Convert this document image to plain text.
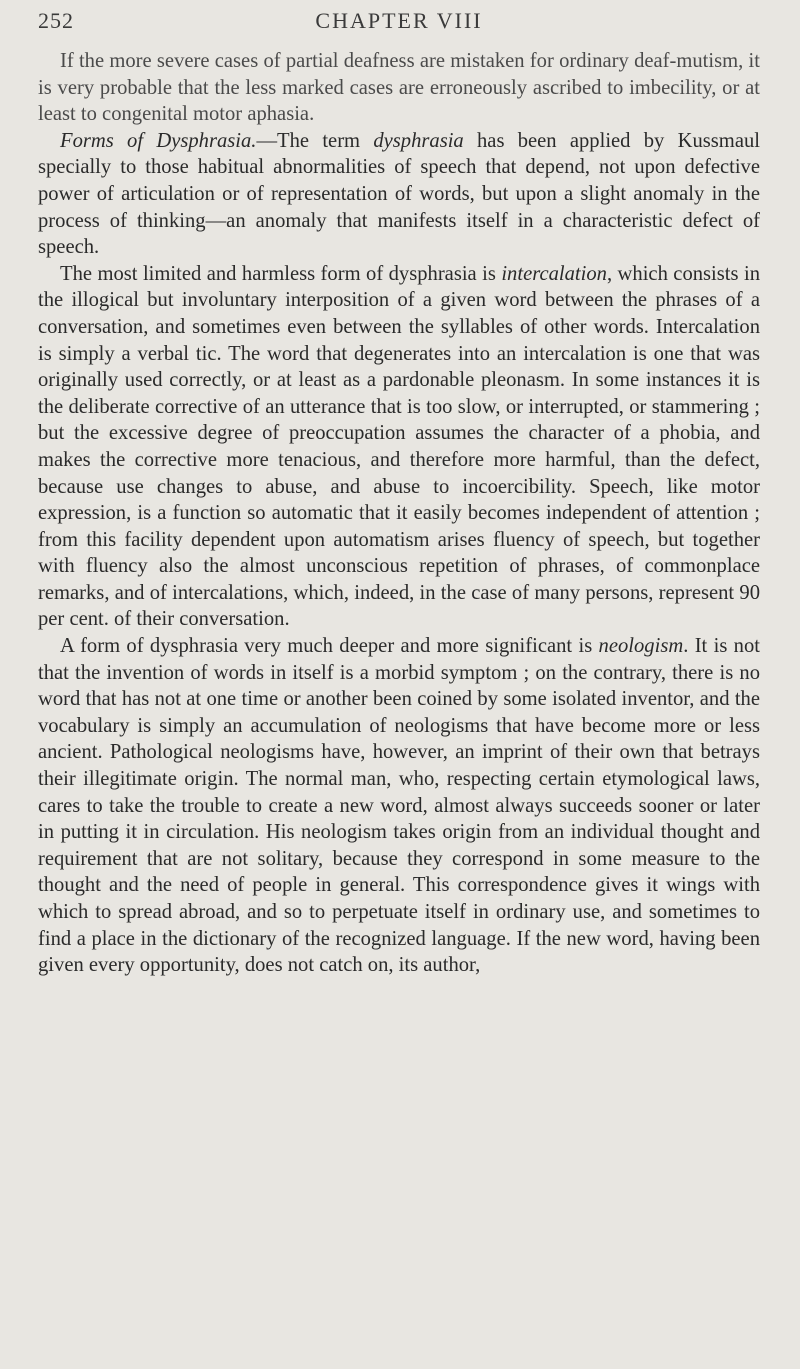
252	CHAPTER VIII

If the more severe cases of partial deafness are mistaken for ordinary deaf-mutism, it is very probable that the less marked cases are erroneously ascribed to imbecility, or at least to congenital motor aphasia.

Forms of Dysphrasia.—The term dysphrasia has been applied by Kussmaul specially to those habitual abnormalities of speech that depend, not upon defective power of articulation or of representation of words, but upon a slight anomaly in the process of thinking—an anomaly that manifests itself in a characteristic defect of speech.

The most limited and harmless form of dysphrasia is intercalation, which consists in the illogical but involuntary interposition of a given word between the phrases of a conversation, and sometimes even between the syllables of other words. Intercalation is simply a verbal tic. The word that degenerates into an intercalation is one that was originally used correctly, or at least as a pardonable pleonasm. In some instances it is the deliberate corrective of an utterance that is too slow, or interrupted, or stammering ; but the excessive degree of preoccupation assumes the character of a phobia, and makes the corrective more tenacious, and therefore more harmful, than the defect, because use changes to abuse, and abuse to incoercibility. Speech, like motor expression, is a function so automatic that it easily becomes independent of attention ; from this facility dependent upon automatism arises fluency of speech, but together with fluency also the almost unconscious repetition of phrases, of commonplace remarks, and of intercalations, which, indeed, in the case of many persons, represent 90 per cent. of their conversation.

A form of dysphrasia very much deeper and more significant is neologism. It is not that the invention of words in itself is a morbid symptom ; on the contrary, there is no word that has not at one time or another been coined by some isolated inventor, and the vocabulary is simply an accumulation of neologisms that have become more or less ancient. Pathological neologisms have, however, an imprint of their own that betrays their illegitimate origin. The normal man, who, respecting certain etymological laws, cares to take the trouble to create a new word, almost always succeeds sooner or later in putting it in circulation. His neologism takes origin from an individual thought and requirement that are not solitary, because they correspond in some measure to the thought and the need of people in general. This correspondence gives it wings with which to spread abroad, and so to perpetuate itself in ordinary use, and sometimes to find a place in the dictionary of the recognized language. If the new word, having been given every opportunity, does not catch on, its author,
